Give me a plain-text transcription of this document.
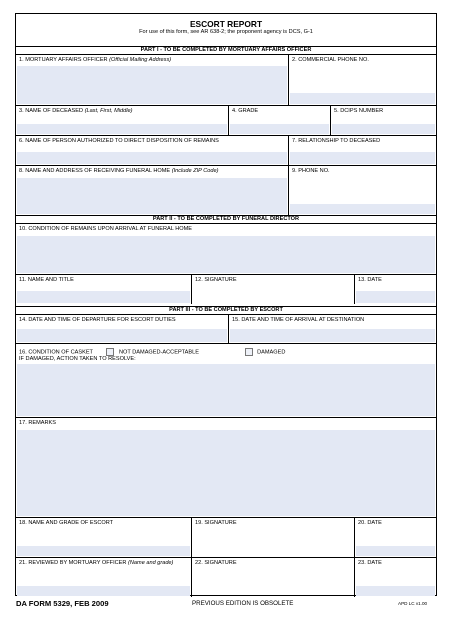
ESCORT REPORT
For use of this form, see AR 638-2; the proponent agency is DCS, G-1
PART I - TO BE COMPLETED BY MORTUARY AFFAIRS OFFICER
1. MORTUARY AFFAIRS OFFICER (Official Mailing Address)	2. COMMERCIAL PHONE NO.
3. NAME OF DECEASED (Last, First, Middle)	4. GRADE	5. DCIPS NUMBER
6. NAME OF PERSON AUTHORIZED TO DIRECT DISPOSITION OF REMAINS	7. RELATIONSHIP TO DECEASED
8. NAME AND ADDRESS OF RECEIVING FUNERAL HOME (Include ZIP Code)	9. PHONE NO.
PART II - TO BE COMPLETED BY FUNERAL DIRECTOR
10. CONDITION OF REMAINS UPON ARRIVAL AT FUNERAL HOME
11. NAME AND TITLE	12. SIGNATURE	13. DATE
PART III - TO BE COMPLETED BY ESCORT
14. DATE AND TIME OF DEPARTURE FOR ESCORT DUTIES	15. DATE AND TIME OF ARRIVAL AT DESTINATION
16. CONDITION OF CASKET	NOT DAMAGED-ACCEPTABLE	DAMAGED
IF DAMAGED, ACTION TAKEN TO RESOLVE:
17. REMARKS
18. NAME AND GRADE OF ESCORT	19. SIGNATURE	20. DATE
21. REVIEWED BY MORTUARY OFFICER (Name and grade)	22. SIGNATURE	23. DATE
DA FORM 5329, FEB 2009	PREVIOUS EDITION IS OBSOLETE	APD LC v1.00
